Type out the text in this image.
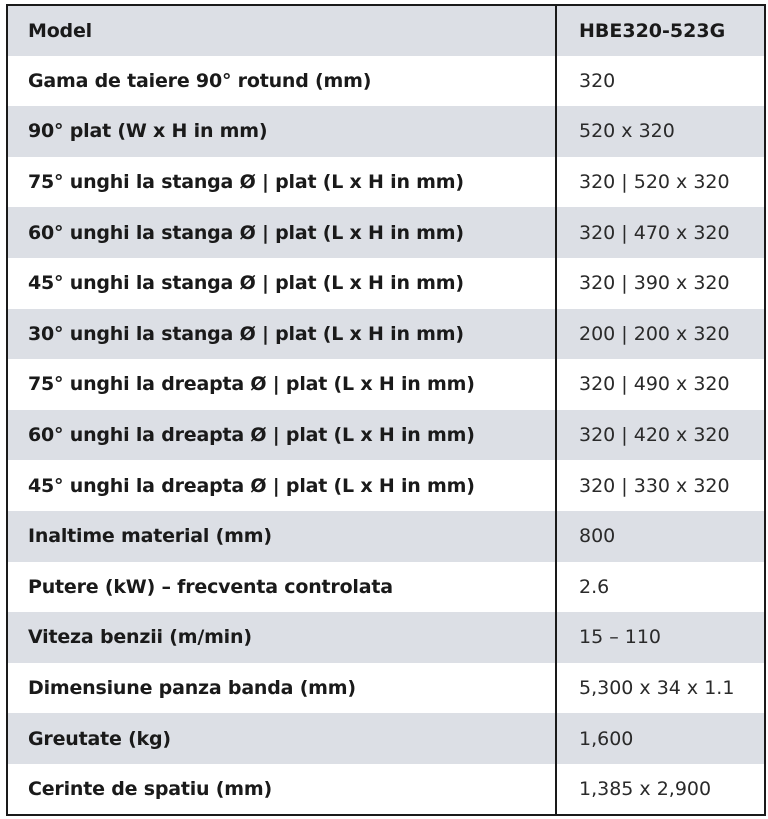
Model	HBE320-523G
Gama de taiere 90° rotund (mm)	320
90° plat (W x H in mm)	520 x 320
75° unghi la stanga Ø | plat (L x H in mm)	320 | 520 x 320
60° unghi la stanga Ø | plat (L x H in mm)	320 | 470 x 320
45° unghi la stanga Ø | plat (L x H in mm)	320 | 390 x 320
30° unghi la stanga Ø | plat (L x H in mm)	200 | 200 x 320
75° unghi la dreapta Ø | plat (L x H in mm)	320 | 490 x 320
60° unghi la dreapta Ø | plat (L x H in mm)	320 | 420 x 320
45° unghi la dreapta Ø | plat (L x H in mm)	320 | 330 x 320
Inaltime material (mm)	800
Putere (kW) – frecventa controlata	2.6
Viteza benzii (m/min)	15 – 110
Dimensiune panza banda (mm)	5,300 x 34 x 1.1
Greutate (kg)	1,600
Cerinte de spatiu (mm)	1,385 x 2,900
